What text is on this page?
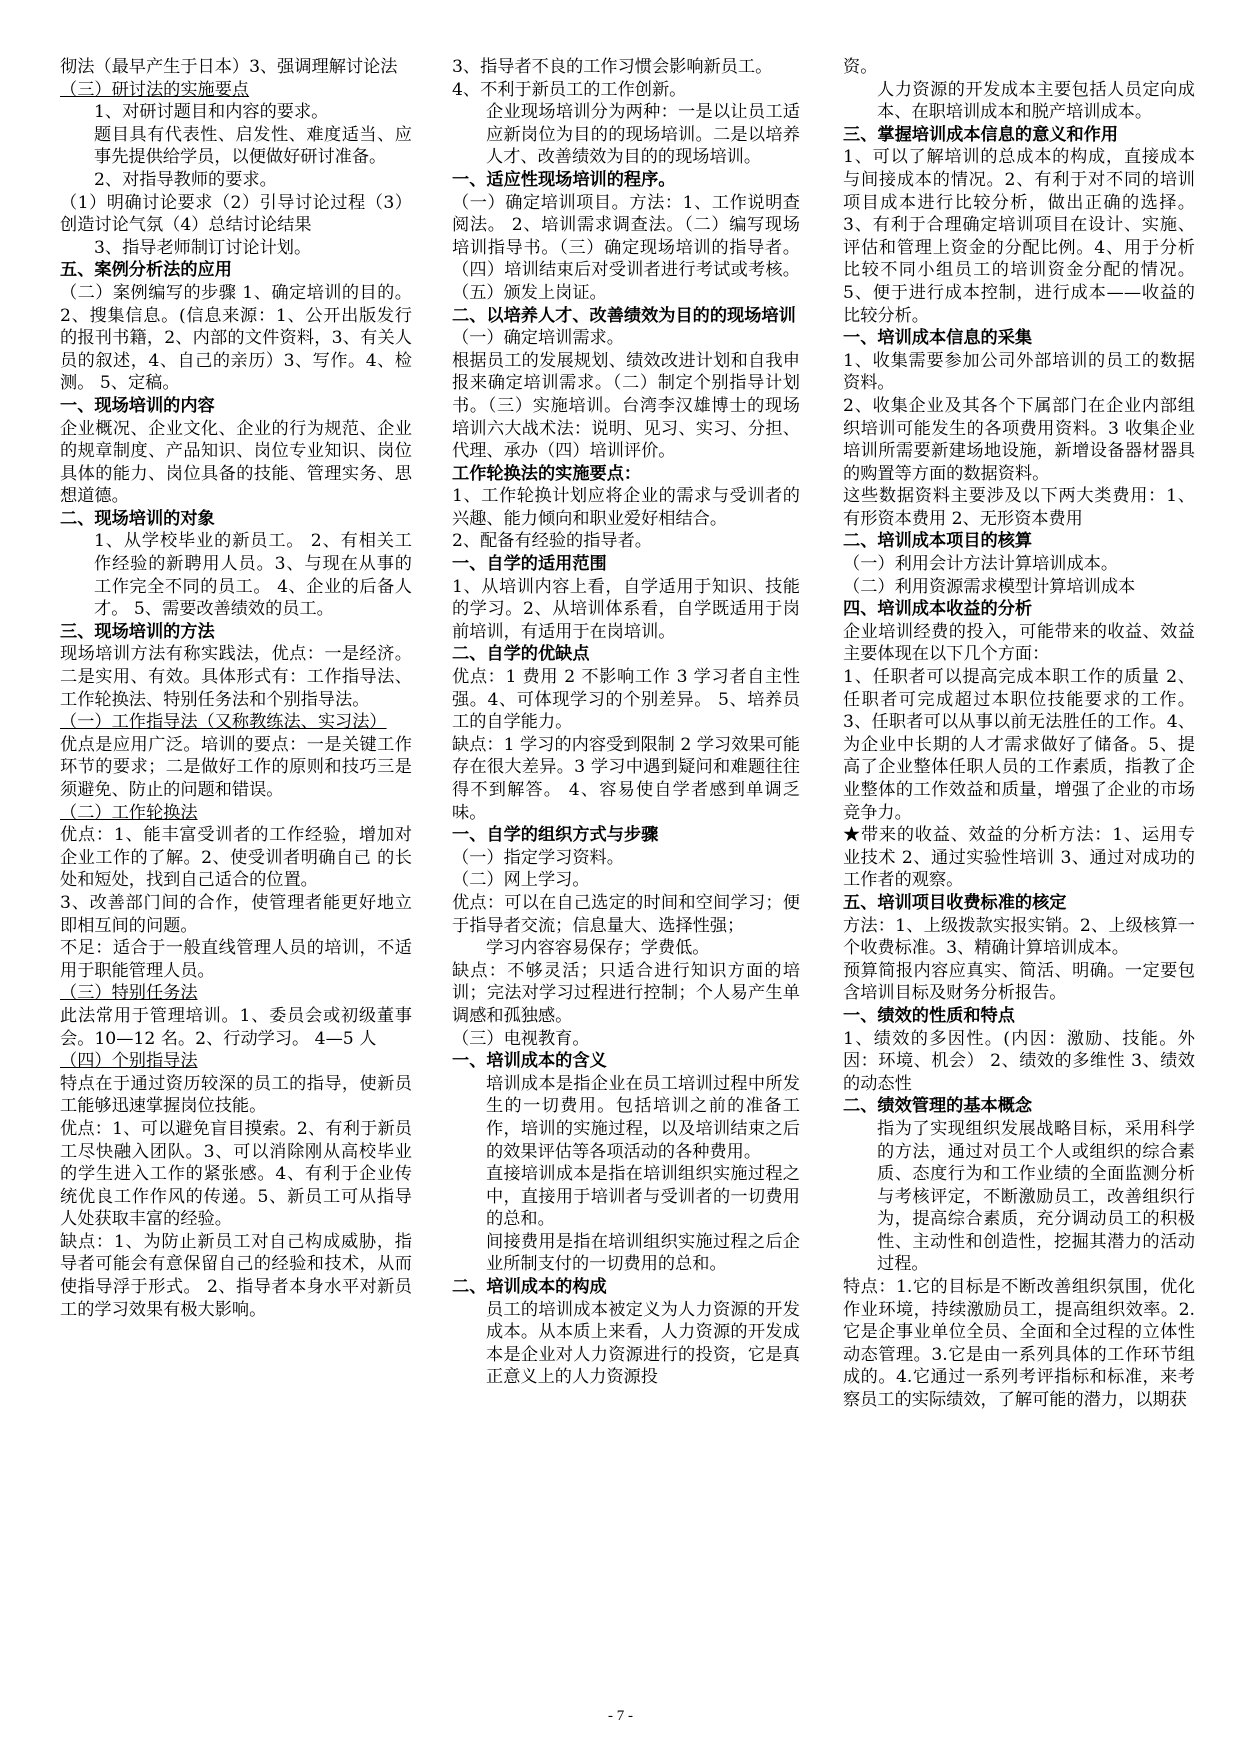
彻法（最早产生于日本）3、强调理解讨论法

（三）研讨法的实施要点

1、对研讨题目和内容的要求。

题目具有代表性、启发性、难度适当、应事先提供给学员，以便做好研讨准备。

2、对指导教师的要求。

（1）明确讨论要求（2）引导讨论过程（3）创造讨论气氛（4）总结讨论结果

3、指导老师制订讨论计划。

五、案例分析法的应用

（二）案例编写的步骤 1、确定培训的目的。2、搜集信息。(信息来源：1、公开出版发行的报刊书籍，2、内部的文件资料，3、有关人员的叙述，4、自己的亲历）3、写作。4、检测。 5、定稿。

一、现场培训的内容

企业概况、企业文化、企业的行为规范、企业的规章制度、产品知识、岗位专业知识、岗位具体的能力、岗位具备的技能、管理实务、思想道德。

二、现场培训的对象

1、从学校毕业的新员工。 2、有相关工作经验的新聘用人员。3、与现在从事的工作完全不同的员工。 4、企业的后备人才。 5、需要改善绩效的员工。

三、现场培训的方法

现场培训方法有称实践法，优点：一是经济。二是实用、有效。具体形式有：工作指导法、工作轮换法、特别任务法和个别指导法。

（一）工作指导法（又称教练法、实习法）

优点是应用广泛。培训的要点：一是关键工作环节的要求；二是做好工作的原则和技巧三是须避免、防止的问题和错误。

（二）工作轮换法

优点：1、能丰富受训者的工作经验，增加对企业工作的了解。2、使受训者明确自己 的长处和短处，找到自己适合的位置。

3、改善部门间的合作，使管理者能更好地立即相互间的问题。

不足：适合于一般直线管理人员的培训，不适用于职能管理人员。

（三）特别任务法

此法常用于管理培训。1、委员会或初级董事会。10—12 名。2、行动学习。 4—5 人

（四）个别指导法

特点在于通过资历较深的员工的指导，使新员工能够迅速掌握岗位技能。

优点：1、可以避免盲目摸索。2、有利于新员工尽快融入团队。3、可以消除刚从高校毕业的学生进入工作的紧张感。4、有利于企业传统优良工作作风的传递。5、新员工可从指导人处获取丰富的经验。

缺点：1、为防止新员工对自己构成威胁，指导者可能会有意保留自己的经验和技术，从而使指导浮于形式。 2、指导者本身水平对新员工的学习效果有极大影响。

3、指导者不良的工作习惯会影响新员工。

4、不利于新员工的工作创新。

企业现场培训分为两种：一是以让员工适应新岗位为目的的现场培训。二是以培养人才、改善绩效为目的的现场培训。

一、适应性现场培训的程序。

（一）确定培训项目。方法：1、工作说明查阅法。 2、培训需求调查法。（二）编写现场培训指导书。（三）确定现场培训的指导者。（四）培训结束后对受训者进行考试或考核。（五）颁发上岗证。

二、以培养人才、改善绩效为目的的现场培训

（一）确定培训需求。

根据员工的发展规划、绩效改进计划和自我申报来确定培训需求。（二）制定个别指导计划书。（三）实施培训。台湾李汉雄博士的现场培训六大战术法：说明、见习、实习、分担、代理、承办（四）培训评价。

工作轮换法的实施要点：

1、工作轮换计划应将企业的需求与受训者的兴趣、能力倾向和职业爱好相结合。

2、配备有经验的指导者。

一、自学的适用范围

1、从培训内容上看，自学适用于知识、技能的学习。2、从培训体系看，自学既适用于岗前培训，有适用于在岗培训。

二、自学的优缺点

优点：1 费用 2 不影响工作 3 学习者自主性强。4、可体现学习的个别差异。 5、培养员工的自学能力。

缺点：1 学习的内容受到限制 2 学习效果可能存在很大差异。3 学习中遇到疑问和难题往往得不到解答。 4、容易使自学者感到单调乏味。

一、自学的组织方式与步骤

（一）指定学习资料。

（二）网上学习。

优点：可以在自己选定的时间和空间学习；便于指导者交流；信息量大、选择性强；

学习内容容易保存；学费低。

缺点：不够灵活；只适合进行知识方面的培训；完法对学习过程进行控制；个人易产生单调感和孤独感。

（三）电视教育。

一、培训成本的含义

培训成本是指企业在员工培训过程中所发生的一切费用。包括培训之前的准备工作，培训的实施过程，以及培训结束之后的效果评估等各项活动的各种费用。

直接培训成本是指在培训组织实施过程之中，直接用于培训者与受训者的一切费用的总和。

间接费用是指在培训组织实施过程之后企业所制支付的一切费用的总和。

二、培训成本的构成

员工的培训成本被定义为人力资源的开发成本。从本质上来看，人力资源的开发成本是企业对人力资源进行的投资，它是真正意义上的人力资源投

资。

人力资源的开发成本主要包括人员定向成本、在职培训成本和脱产培训成本。

三、掌握培训成本信息的意义和作用

1、可以了解培训的总成本的构成，直接成本与间接成本的情况。2、有利于对不同的培训项目成本进行比较分析，做出正确的选择。3、有利于合理确定培训项目在设计、实施、评估和管理上资金的分配比例。4、用于分析比较不同小组员工的培训资金分配的情况。5、便于进行成本控制，进行成本——收益的比较分析。

一、培训成本信息的采集

1、收集需要参加公司外部培训的员工的数据资料。

2、收集企业及其各个下属部门在企业内部组织培训可能发生的各项费用资料。3 收集企业培训所需要新建场地设施，新增设备器材器具的购置等方面的数据资料。

这些数据资料主要涉及以下两大类费用：1、有形资本费用 2、无形资本费用

二、培训成本项目的核算

（一）利用会计方法计算培训成本。

（二）利用资源需求模型计算培训成本

四、培训成本收益的分析

企业培训经费的投入，可能带来的收益、效益主要体现在以下几个方面：

1、任职者可以提高完成本职工作的质量 2、任职者可完成超过本职位技能要求的工作。3、任职者可以从事以前无法胜任的工作。4、为企业中长期的人才需求做好了储备。5、提高了企业整体任职人员的工作素质，指教了企业整体的工作效益和质量，增强了企业的市场竞争力。

★带来的收益、效益的分析方法：1、运用专业技术 2、通过实验性培训 3、通过对成功的工作者的观察。

五、培训项目收费标准的核定

方法：1、上级拨款实报实销。2、上级核算一个收费标准。3、精确计算培训成本。

预算简报内容应真实、简活、明确。一定要包含培训目标及财务分析报告。

一、绩效的性质和特点

1、绩效的多因性。(内因：激励、技能。外因：环境、机会） 2、绩效的多维性 3、绩效的动态性

二、绩效管理的基本概念

指为了实现组织发展战略目标，采用科学的方法，通过对员工个人或组织的综合素质、态度行为和工作业绩的全面监测分析与考核评定，不断激励员工，改善组织行为，提高综合素质，充分调动员工的积极性、主动性和创造性，挖掘其潜力的活动过程。

特点：1.它的目标是不断改善组织氛围，优化作业环境，持续激励员工，提高组织效率。2.它是企事业单位全员、全面和全过程的立体性动态管理。3.它是由一系列具体的工作环节组成的。4.它通过一系列考评指标和标准，来考察员工的实际绩效，了解可能的潜力，以期获

- 7 -
